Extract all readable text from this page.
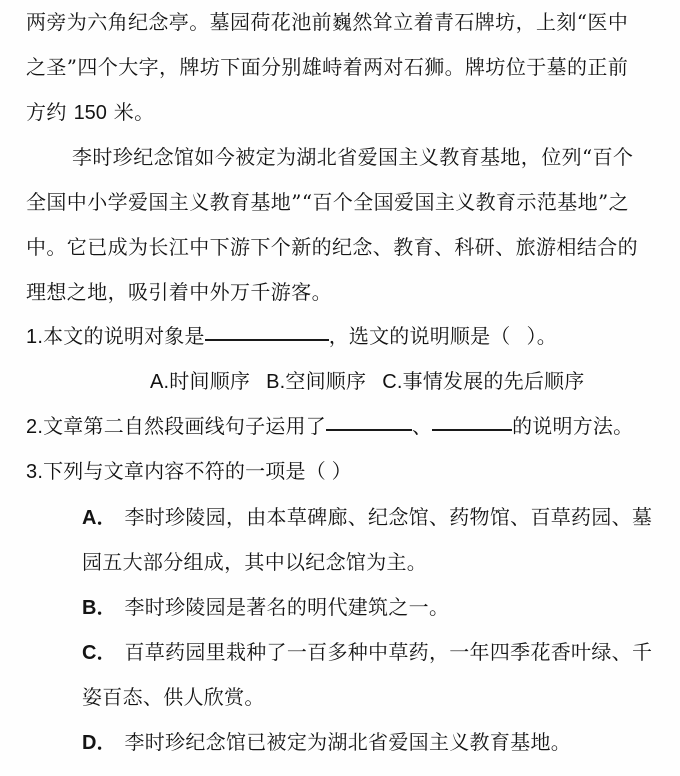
两旁为六角纪念亭。墓园荷花池前巍然耸立着青石牌坊，上刻“医中
之圣”四个大字，牌坊下面分别雄峙着两对石狮。牌坊位于墓的正前
方约 150 米。
李时珍纪念馆如今被定为湖北省爱国主义教育基地，位列“百个
全国中小学爱国主义教育基地”“百个全国爱国主义教育示范基地”之
中。它已成为长江中下游下个新的纪念、教育、科研、旅游相结合的
理想之地，吸引着中外万千游客。
1.本文的说明对象是	，选文的说明顺是（ ）。
A.时间顺序 B.空间顺序 C.事情发展的先后顺序
2.文章第二自然段画线句子运用了	、	的说明方法。
3.下列与文章内容不符的一项是（ ）
A． 李时珍陵园，由本草碑廊、纪念馆、药物馆、百草药园、墓
园五大部分组成，其中以纪念馆为主。
B． 李时珍陵园是著名的明代建筑之一。
C． 百草药园里栽种了一百多种中草药，一年四季花香叶绿、千
姿百态、供人欣赏。
D． 李时珍纪念馆已被定为湖北省爱国主义教育基地。
